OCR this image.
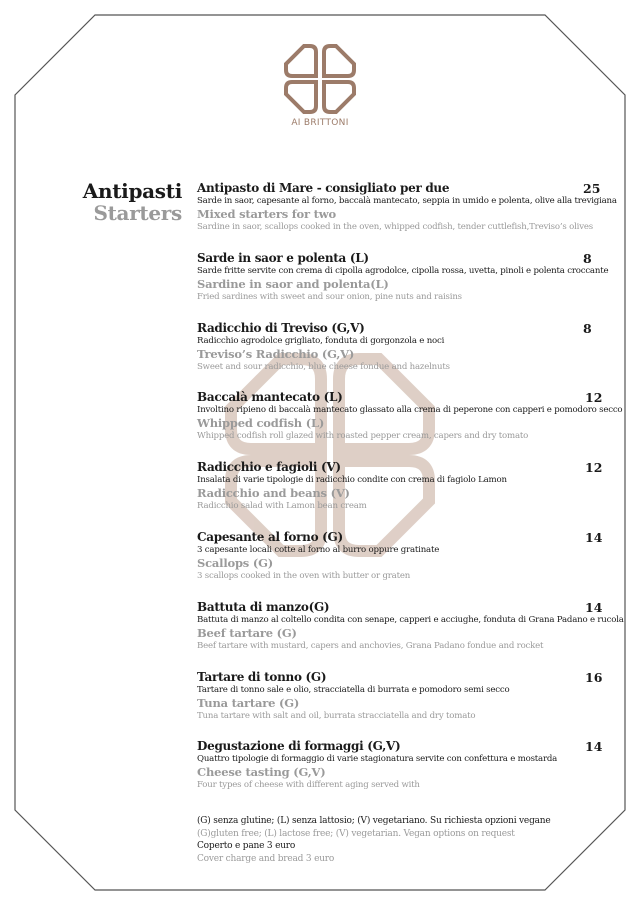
AI BRITTONI
Antipasti
Starters
Antipasto di Mare - consigliato per due	25
Sarde in saor, capesante al forno, baccalà mantecato, seppia in umido e polenta, olive alla trevigiana
Mixed starters for two
Sardine in saor, scallops cooked in the oven, whipped codfish, tender cuttlefish,Treviso’s olives
Sarde in saor e polenta (L)	8
Sarde fritte servite con crema di cipolla agrodolce, cipolla rossa, uvetta, pinoli e polenta croccante
Sardine in saor and polenta(L)
Fried sardines with sweet and sour onion, pine nuts and raisins
Radicchio di Treviso (G,V)	8
Radicchio agrodolce grigliato, fonduta di gorgonzola e noci
Treviso’s Radicchio (G,V)
Sweet and sour radicchio, blue cheese fondue and hazelnuts
Baccalà mantecato (L)	12
Involtino ripieno di baccalà mantecato glassato alla crema di peperone con capperi e pomodoro secco
Whipped codfish (L)
Whipped codfish roll glazed with roasted pepper cream, capers and dry tomato
Radicchio e fagioli (V)	12
Insalata di varie tipologie di radicchio condite con crema di fagiolo Lamon
Radicchio and beans (V)
Radicchio salad with Lamon bean cream
Capesante al forno (G)	14
3 capesante locali cotte al forno al burro oppure gratinate
Scallops (G)
3 scallops cooked in the oven with butter or graten
Battuta di manzo(G)	14
Battuta di manzo al coltello condita con senape, capperi e acciughe, fonduta di Grana Padano e rucola
Beef tartare (G)
Beef tartare with mustard, capers and anchovies, Grana Padano fondue and rocket
Tartare di tonno (G)	16
Tartare di tonno sale e olio, stracciatella di burrata e pomodoro semi secco
Tuna tartare (G)
Tuna tartare with salt and oil, burrata stracciatella and dry tomato
Degustazione di formaggi (G,V)	14
Quattro tipologie di formaggio di varie stagionatura servite con confettura e mostarda
Cheese tasting (G,V)
Four types of cheese with different aging served with
(G) senza glutine; (L) senza lattosio; (V) vegetariano. Su richiesta opzioni vegane
(G)gluten free; (L) lactose free; (V) vegetarian. Vegan options on request
Coperto e pane 3 euro
Cover charge and bread 3 euro
